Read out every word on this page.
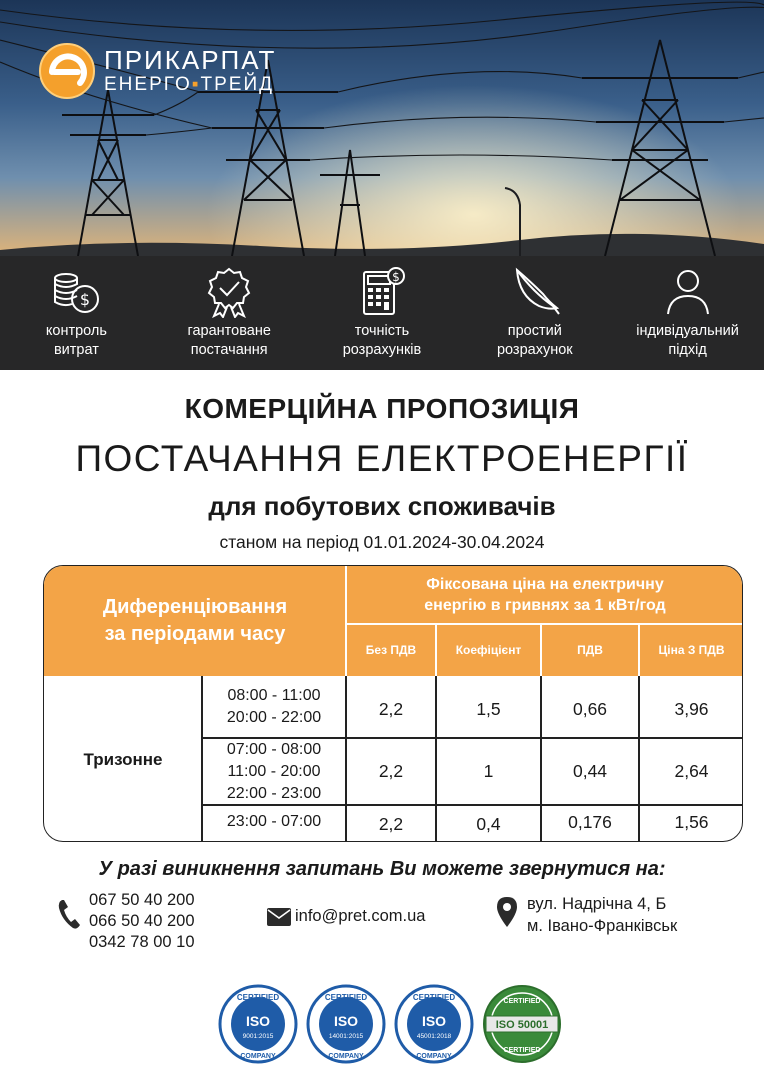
ПРИКАРПАТ
ЕНЕРГО▪ТРЕЙД
$
контроль
витрат
гарантоване
постачання
$
точність
розрахунків
простий
розрахунок
індивідуальний
підхід
КОМЕРЦІЙНА ПРОПОЗИЦІЯ
ПОСТАЧАННЯ ЕЛЕКТРОЕНЕРГІЇ
для побутових споживачів
станом на період 01.01.2024-30.04.2024
Диференціювання
за періодами часу
Фіксована ціна на електричну
енергію в гривнях за 1 кВт/год
Без ПДВ	Коефіцієнт	ПДВ	Ціна З ПДВ
Тризонне
08:00 - 11:00
20:00 - 22:00	2,2	1,5	0,66	3,96
07:00 - 08:00
11:00 - 20:00
22:00 - 23:00
2,2	1	0,44	2,64
23:00 - 07:00	2,2	0,4	0,176	1,56
У разі виникнення запитань Ви можете звернутися на:
067 50 40 200
066 50 40 200
0342 78 00 10
info@pret.com.ua
вул. Надрічна 4, Б
м. Івано-Франківськ
CERTIFIED
ISO
9001:2015
COMPANY
CERTIFIED
ISO
14001:2015
COMPANY
CERTIFIED
ISO
45001:2018
COMPANY
CERTIFIED
ISO 50001
CERTIFIED
